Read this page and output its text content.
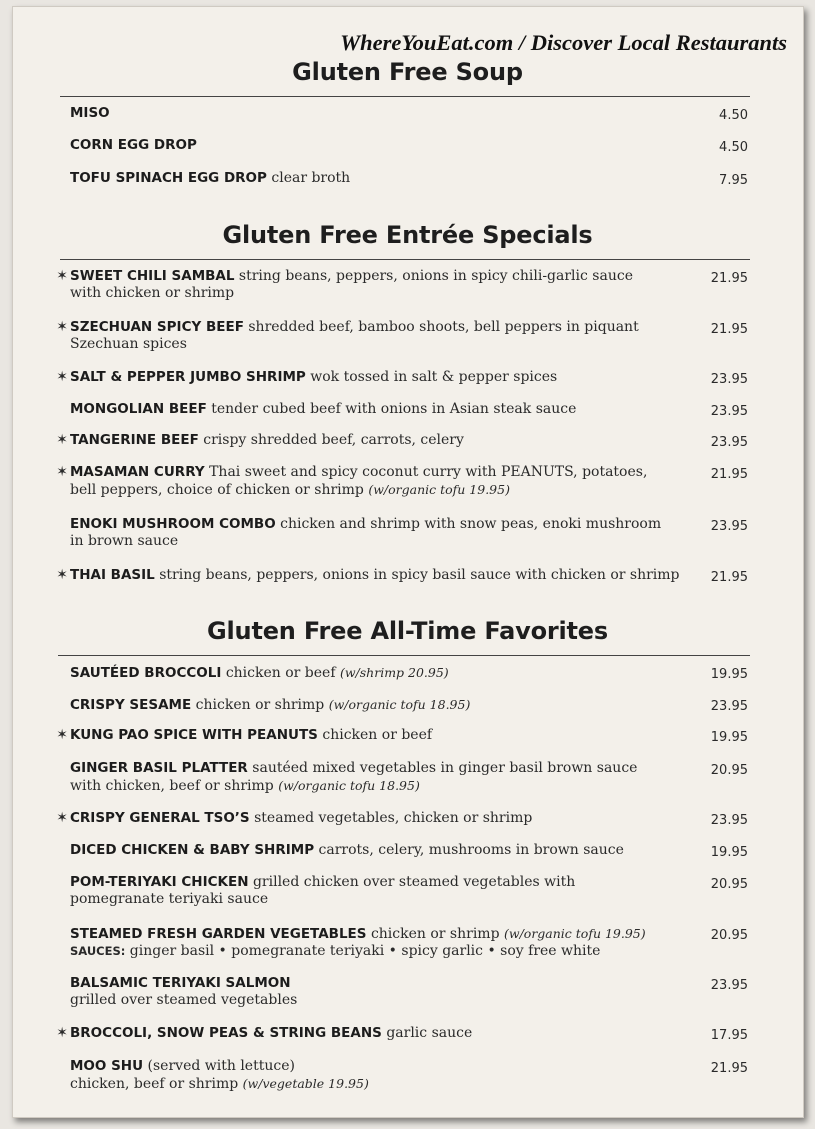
WhereYouEat.com / Discover Local Restaurants
Gluten Free Soup
MISO	4.50
CORN EGG DROP	4.50
TOFU SPINACH EGG DROP clear broth	7.95
Gluten Free Entrée Specials
✶ SWEET CHILI SAMBAL string beans, peppers, onions in spicy chili-garlic sauce
with chicken or shrimp
21.95
✶ SZECHUAN SPICY BEEF shredded beef, bamboo shoots, bell peppers in piquant
Szechuan spices
21.95
✶ SALT & PEPPER JUMBO SHRIMP wok tossed in salt & pepper spices	23.95
MONGOLIAN BEEF tender cubed beef with onions in Asian steak sauce	23.95
✶ TANGERINE BEEF crispy shredded beef, carrots, celery	23.95
✶ MASAMAN CURRY Thai sweet and spicy coconut curry with PEANUTS, potatoes,
bell peppers, choice of chicken or shrimp (w/organic tofu 19.95)
21.95
ENOKI MUSHROOM COMBO chicken and shrimp with snow peas, enoki mushroom
in brown sauce
23.95
✶ THAI BASIL string beans, peppers, onions in spicy basil sauce with chicken or shrimp	21.95
Gluten Free All-Time Favorites
SAUTÉED BROCCOLI chicken or beef (w/shrimp 20.95)	19.95
CRISPY SESAME chicken or shrimp (w/organic tofu 18.95)	23.95
✶ KUNG PAO SPICE WITH PEANUTS chicken or beef	19.95
GINGER BASIL PLATTER sautéed mixed vegetables in ginger basil brown sauce
with chicken, beef or shrimp (w/organic tofu 18.95)
20.95
✶ CRISPY GENERAL TSO’S steamed vegetables, chicken or shrimp	23.95
DICED CHICKEN & BABY SHRIMP carrots, celery, mushrooms in brown sauce	19.95
POM-TERIYAKI CHICKEN grilled chicken over steamed vegetables with
pomegranate teriyaki sauce
20.95
STEAMED FRESH GARDEN VEGETABLES chicken or shrimp (w/organic tofu 19.95)
SAUCES: ginger basil • pomegranate teriyaki • spicy garlic • soy free white
20.95
BALSAMIC TERIYAKI SALMON
grilled over steamed vegetables
23.95
✶ BROCCOLI, SNOW PEAS & STRING BEANS garlic sauce	17.95
MOO SHU (served with lettuce)
chicken, beef or shrimp (w/vegetable 19.95)
21.95
